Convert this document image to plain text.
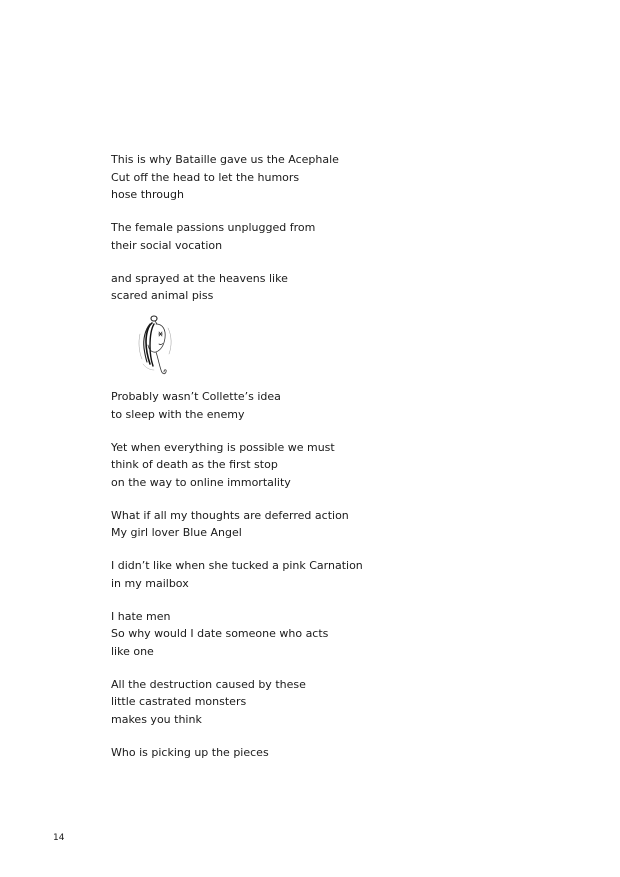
This is why Bataille gave us the Acephale
Cut off the head to let the humors
hose through
The female passions unplugged from
their social vocation
and sprayed at the heavens like
scared animal piss
Probably wasn’t Collette’s idea
to sleep with the enemy
Yet when everything is possible we must
think of death as the first stop
on the way to online immortality
What if all my thoughts are deferred action
My girl lover Blue Angel
I didn’t like when she tucked a pink Carnation
in my mailbox
I hate men
So why would I date someone who acts
like one
All the destruction caused by these
little castrated monsters
makes you think
Who is picking up the pieces
14
